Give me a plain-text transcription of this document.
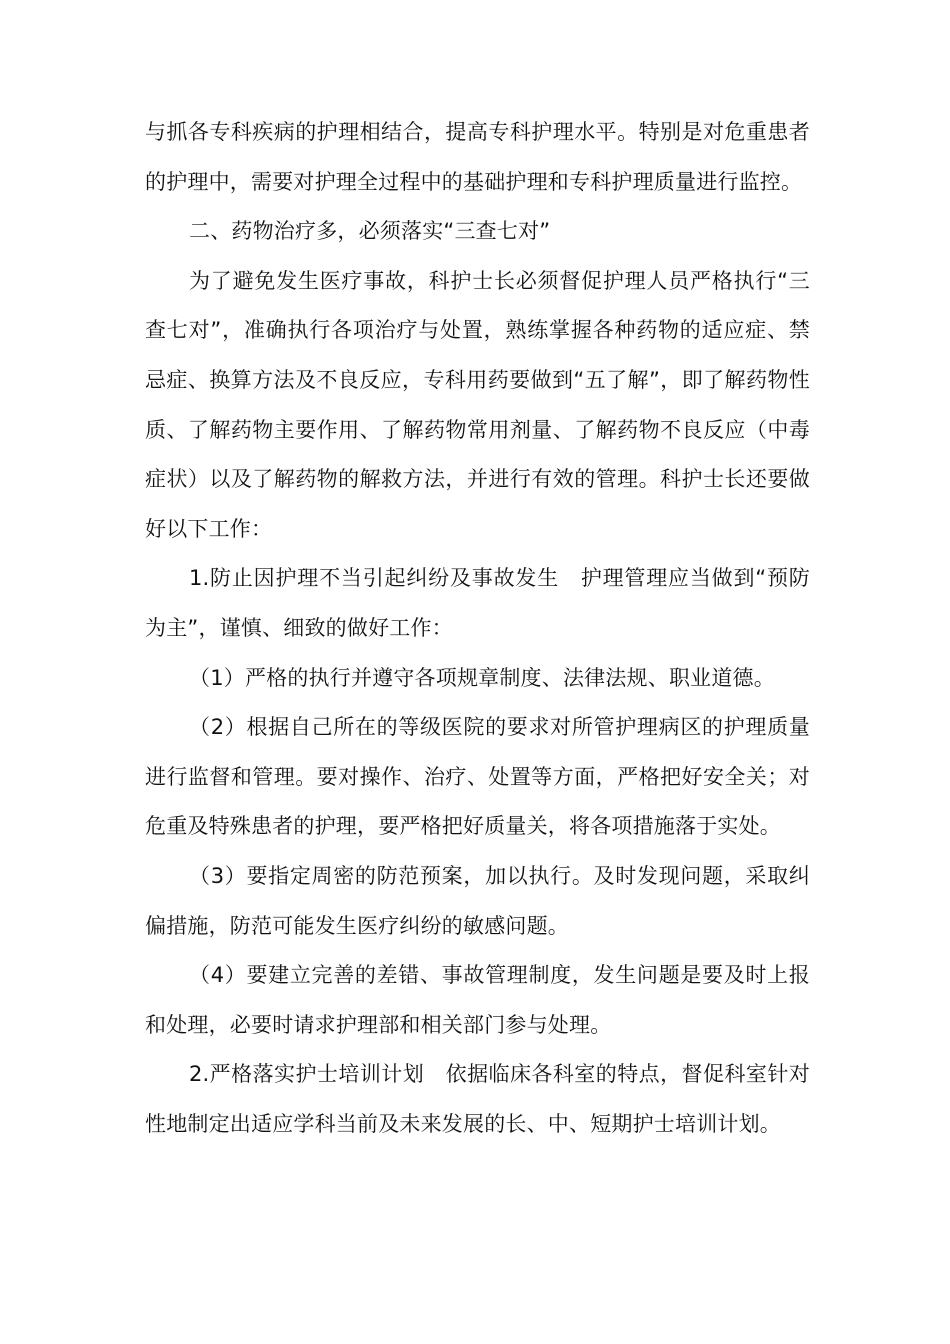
与抓各专科疾病的护理相结合，提高专科护理水平。特别是对危重患者的护理中，需要对护理全过程中的基础护理和专科护理质量进行监控。

二、药物治疗多，必须落实“三查七对”

为了避免发生医疗事故，科护士长必须督促护理人员严格执行“三查七对”，准确执行各项治疗与处置，熟练掌握各种药物的适应症、禁忌症、换算方法及不良反应，专科用药要做到“五了解”，即了解药物性质、了解药物主要作用、了解药物常用剂量、了解药物不良反应（中毒症状）以及了解药物的解救方法，并进行有效的管理。科护士长还要做好以下工作：

1.防止因护理不当引起纠纷及事故发生　护理管理应当做到“预防为主”，谨慎、细致的做好工作：

（1）严格的执行并遵守各项规章制度、法律法规、职业道德。

（2）根据自己所在的等级医院的要求对所管护理病区的护理质量进行监督和管理。要对操作、治疗、处置等方面，严格把好安全关；对危重及特殊患者的护理，要严格把好质量关，将各项措施落于实处。

（3）要指定周密的防范预案，加以执行。及时发现问题，采取纠偏措施，防范可能发生医疗纠纷的敏感问题。

（4）要建立完善的差错、事故管理制度，发生问题是要及时上报和处理，必要时请求护理部和相关部门参与处理。

2.严格落实护士培训计划　依据临床各科室的特点，督促科室针对性地制定出适应学科当前及未来发展的长、中、短期护士培训计划。
